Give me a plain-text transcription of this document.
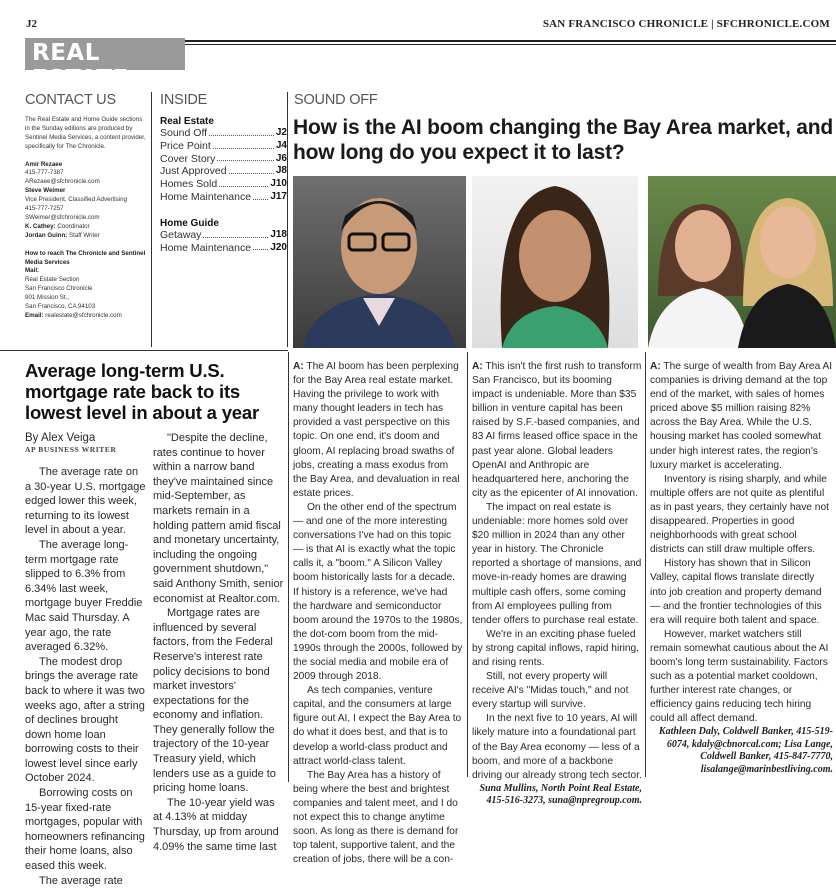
J2	SAN FRANCISCO CHRONICLE | SFCHRONICLE.COM
REAL ESTATE
CONTACT US
The Real Estate and Home Guide sections in the Sunday editions are produced by Sentinel Media Services, a content provider, specifically for The Chronicle.

Amir Rezaee
415-777-7387
ARezaee@sfchronicle.com
Steve Weimer
Vice President, Classified Advertising
415-777-7257
SWeimer@sfchronicle.com
K. Cathey: Coordinator
Jordan Guinn: Staff Writer

How to reach The Chronicle and Sentinel Media Services
Mail:
Real Estate Section
San Francisco Chronicle
901 Mission St.,
San Francisco, CA 94103
Email: realestate@sfchronicle.com
INSIDE
Real Estate
Sound Off	J2
Price Point	J4
Cover Story	J6
Just Approved	J8
Homes Sold	J10
Home Maintenance J17
Home Guide
Getaway	J18
Home Maintenance J20
SOUND OFF
How is the AI boom changing the Bay Area market, and how long do you expect it to last?
Average long-term U.S. mortgage rate back to its lowest level in about a year
By Alex Veiga
AP BUSINESS WRITER

The average rate on a 30-year U.S. mortgage edged lower this week, returning to its lowest level in about a year.

The average long-term mortgage rate slipped to 6.3% from 6.34% last week, mortgage buyer Freddie Mac said Thursday. A year ago, the rate averaged 6.32%.

The modest drop brings the average rate back to where it was two weeks ago, after a string of declines brought down home loan borrowing costs to their lowest level since early October 2024.

Borrowing costs on 15-year fixed-rate mortgages, popular with homeowners refinancing their home loans, also eased this week.

The average rate

"Despite the decline, rates continue to hover within a narrow band they've maintained since mid-September, as markets remain in a holding pattern amid fiscal and monetary uncertainty, including the ongoing government shutdown," said Anthony Smith, senior economist at Realtor.com.

Mortgage rates are influenced by several factors, from the Federal Reserve's interest rate policy decisions to bond market investors' expectations for the economy and inflation. They generally follow the trajectory of the 10-year Treasury yield, which lenders use as a guide to pricing home loans.

The 10-year yield was at 4.13% at midday Thursday, up from around 4.09% the same time last

A: The AI boom has been perplexing for the Bay Area real estate market. Having the privilege to work with many thought leaders in tech has provided a vast perspective on this topic. On one end, it's doom and gloom, AI replacing broad swaths of jobs, creating a mass exodus from the Bay Area, and devaluation in real estate prices.

On the other end of the spectrum — and one of the more interesting conversations I've had on this topic — is that AI is exactly what the topic calls it, a "boom." A Silicon Valley boom historically lasts for a decade. If history is a reference, we've had the hardware and semiconductor boom around the 1970s to the 1980s, the dot-com boom from the mid-1990s through the 2000s, followed by the social media and mobile era of 2009 through 2018.

As tech companies, venture capital, and the consumers at large figure out AI, I expect the Bay Area to do what it does best, and that is to develop a world-class product and attract world-class talent.

The Bay Area has a history of being where the best and brightest companies and talent meet, and I do not expect this to change anytime soon. As long as there is demand for top talent, supportive talent, and the creation of jobs, there will be a con-

A: This isn't the first rush to transform San Francisco, but its booming impact is undeniable. More than $35 billion in venture capital has been raised by S.F.-based companies, and 83 AI firms leased office space in the past year alone. Global leaders OpenAI and Anthropic are headquartered here, anchoring the city as the epicenter of AI innovation.

The impact on real estate is undeniable: more homes sold over $20 million in 2024 than any other year in history. The Chronicle reported a shortage of mansions, and move-in-ready homes are drawing multiple cash offers, some coming from AI employees pulling from tender offers to purchase real estate.

We're in an exciting phase fueled by strong capital inflows, rapid hiring, and rising rents.

Still, not every property will receive AI's "Midas touch," and not every startup will survive.

In the next five to 10 years, AI will likely mature into a foundational part of the Bay Area economy — less of a boom, and more of a backbone driving our already strong tech sector.

Suna Mullins, North Point Real Estate, 415-516-3273, suna@npregroup.com.

A: The surge of wealth from Bay Area AI companies is driving demand at the top end of the market, with sales of homes priced above $5 million raising 82% across the Bay Area. While the U.S. housing market has cooled somewhat under high interest rates, the region's luxury market is accelerating.

Inventory is rising sharply, and while multiple offers are not quite as plentiful as in past years, they certainly have not disappeared. Properties in good neighborhoods with great school districts can still draw multiple offers.

History has shown that in Silicon Valley, capital flows translate directly into job creation and property demand — and the frontier technologies of this era will require both talent and space.

However, market watchers still remain somewhat cautious about the AI boom's long term sustainability. Factors such as a potential market cooldown, further interest rate changes, or efficiency gains reducing tech hiring could all affect demand.

Kathleen Daly, Coldwell Banker, 415-519-6074, kdaly@cbnorcal.com; Lisa Lange, Coldwell Banker, 415-847-7770, lisalange@marinbestliving.com.
